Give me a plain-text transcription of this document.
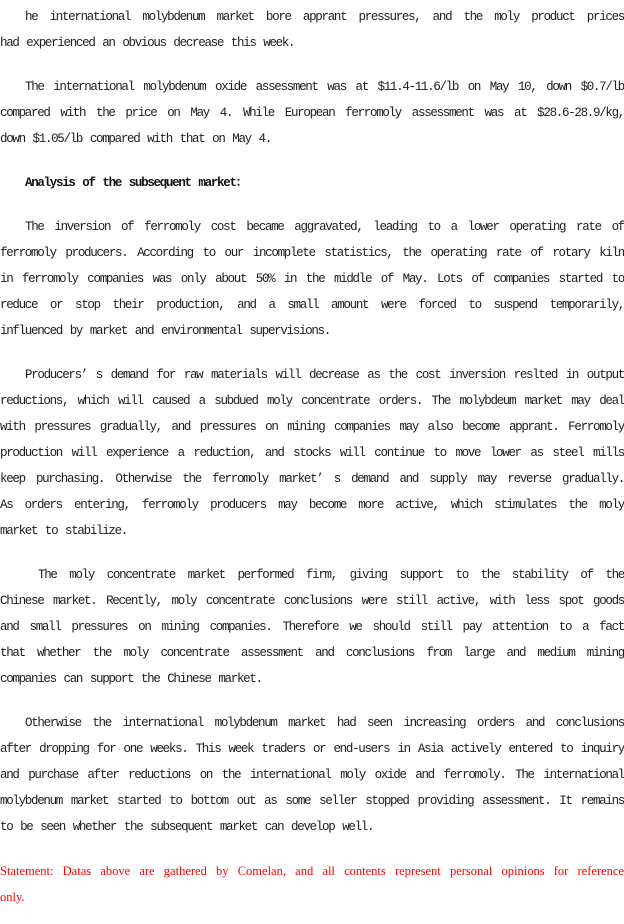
he international molybdenum market bore apprant pressures, and the moly product prices
had experienced an obvious decrease this week.
The international molybdenum oxide assessment was at $11.4-11.6/lb on May 10, down $0.7/lb
compared with the price on May 4. While European ferromoly assessment was at $28.6-28.9/kg,
down $1.05/lb compared with that on May 4.
Analysis of the subsequent market：
The inversion of ferromoly cost became aggravated, leading to a lower operating rate of
ferromoly producers. According to our incomplete statistics, the operating rate of rotary kiln
in ferromoly companies was only about 50% in the middle of May. Lots of companies started to
reduce or stop their production, and a small amount were forced to suspend temporarily,
influenced by market and environmental supervisions.
Producers’ s demand for raw materials will decrease as the cost inversion reslted in output
reductions, which will caused a subdued moly concentrate orders. The molybdeum market may deal
with pressures gradually, and pressures on mining companies may also become apprant. Ferromoly
production will experience a reduction, and stocks will continue to move lower as steel mills
keep purchasing. Otherwise the ferromoly market’ s demand and supply may reverse gradually.
As orders entering, ferromoly producers may become more active, which stimulates the moly
market to stabilize.
The moly concentrate market performed firm, giving support to the stability of the
Chinese market. Recently, moly concentrate conclusions were still active, with less spot goods
and small pressures on mining companies. Therefore we should still pay attention to a fact
that whether the moly concentrate assessment and conclusions from large and medium mining
companies can support the Chinese market.
Otherwise the international molybdenum market had seen increasing orders and conclusions
after dropping for one weeks. This week traders or end-users in Asia actively entered to inquiry
and purchase after reductions on the international moly oxide and ferromoly. The international
molybdenum market started to bottom out as some seller stopped providing assessment. It remains
to be seen whether the subsequent market can develop well.
Statement: Datas above are gathered by Comelan, and all contents represent personal opinions for reference
only.
